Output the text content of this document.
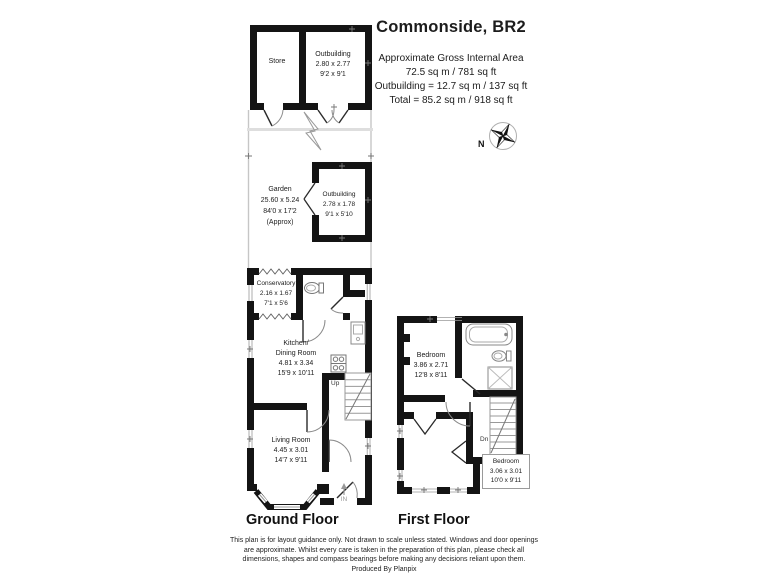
Commonside, BR2
Approximate Gross Internal Area
72.5 sq m / 781 sq ft
Outbuilding = 12.7 sq m / 137 sq ft
Total = 85.2 sq m / 918 sq ft
N
Store
Outbuilding
2.80 x 2.77
9'2 x 9'1
Garden
25.60 x 5.24
84'0 x 17'2
(Approx)
Outbuilding
2.78 x 1.78
9'1 x 5'10
Conservatory
2.16 x 1.67
7'1 x 5'6
Kitchen/
Dining Room
4.81 x 3.34
15'9 x 10'11
Up
Living Room
4.45 x 3.01
14'7 x 9'11
IN
Bedroom
3.86 x 2.71
12'8 x 8'11
Dn
Bedroom
3.06 x 3.01
10'0 x 9'11
Ground Floor	First Floor
This plan is for layout guidance only. Not drawn to scale unless stated. Windows and door openings
are approximate. Whilst every care is taken in the preparation of this plan, please check all
dimensions, shapes and compass bearings before making any decisions reliant upon them.
Produced By Planpix
